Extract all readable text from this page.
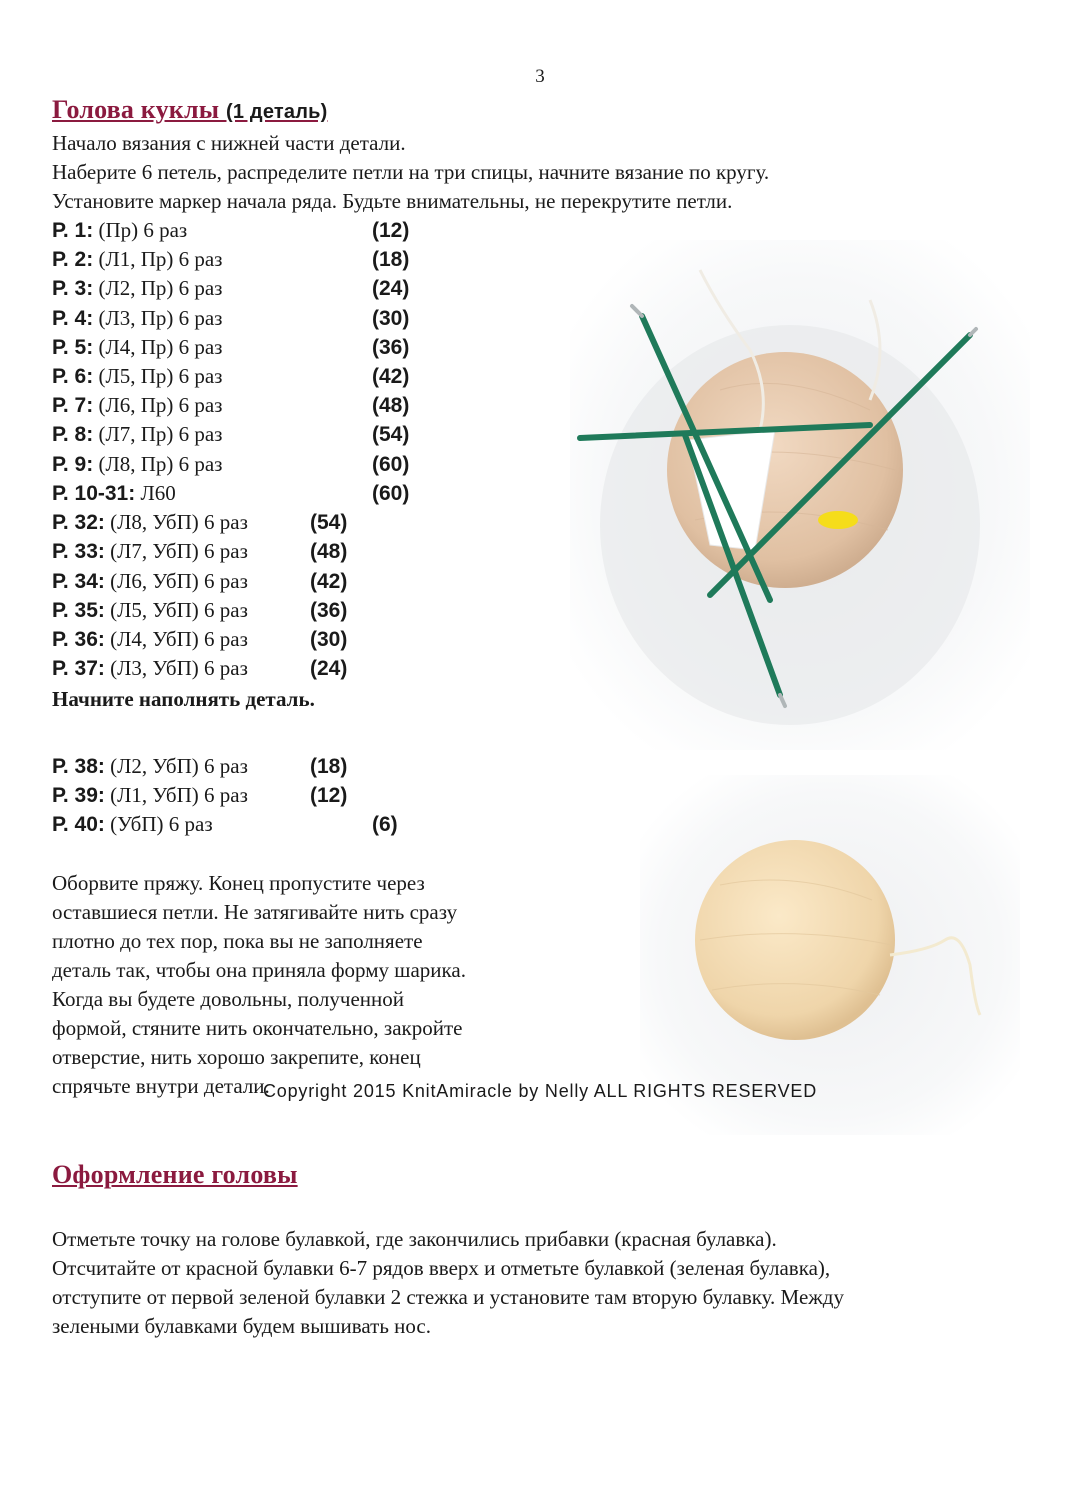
3
Голова куклы (1 деталь)
Начало вязания с нижней части детали.
Наберите 6 петель, распределите петли на три спицы, начните вязание по кругу.
Установите маркер начала ряда. Будьте внимательны, не перекрутите петли.
Р. 1: (Пр) 6 раз	(12)
Р. 2: (Л1, Пр) 6 раз	(18)
Р. 3: (Л2, Пр) 6 раз	(24)
Р. 4: (Л3, Пр) 6 раз	(30)
Р. 5: (Л4, Пр) 6 раз	(36)
Р. 6: (Л5, Пр) 6 раз	(42)
Р. 7: (Л6, Пр) 6 раз	(48)
Р. 8: (Л7, Пр) 6 раз	(54)
Р. 9: (Л8, Пр) 6 раз	(60)
Р. 10-31: Л60	(60)
Р. 32: (Л8, УбП) 6 раз	(54)
Р. 33: (Л7, УбП) 6 раз	(48)
Р. 34: (Л6, УбП) 6 раз	(42)
Р. 35: (Л5, УбП) 6 раз	(36)
Р. 36: (Л4, УбП) 6 раз	(30)
Р. 37: (Л3, УбП) 6 раз	(24)
Начните наполнять деталь.
Р. 38: (Л2, УбП) 6 раз	(18)
Р. 39: (Л1, УбП) 6 раз	(12)
Р. 40: (УбП) 6 раз	(6)
Оборвите пряжу. Конец пропустите через
оставшиеся петли. Не затягивайте нить сразу
плотно до тех пор, пока вы не заполняете
деталь так, чтобы она приняла форму шарика.
Когда вы будете довольны, полученной
формой, стяните нить окончательно, закройте
отверстие, нить хорошо закрепите, конец
спрячьте внутри детали.
Оформление головы
Отметьте точку на голове булавкой, где закончились прибавки (красная булавка).
Отсчитайте от красной булавки 6-7 рядов вверх и отметьте булавкой (зеленая булавка),
отступите от первой зеленой булавки 2 стежка и установите там вторую булавку. Между
зелеными булавками будем вышивать нос.
Copyright 2015 KnitAmiracle by Nelly ALL RIGHTS RESERVED
